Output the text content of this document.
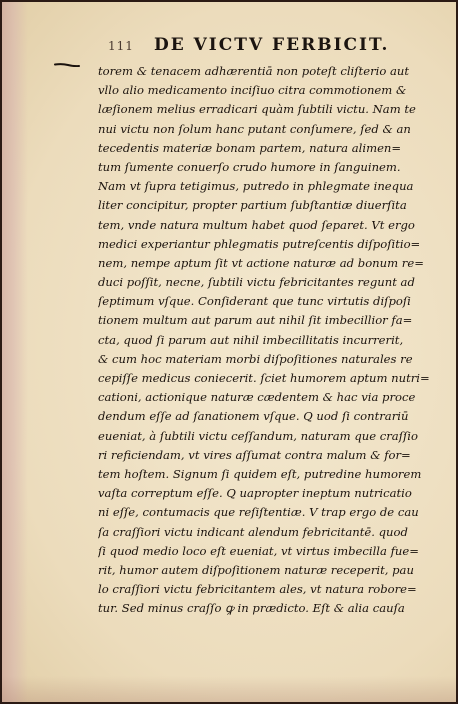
111 DE VICTV FERBICIT.
torem & tenacem adhærentiā non poteſt cliſterio aut
vllo alio medicamento inciſiuo citra commotionem &
læſionem melius erradicari quàm ſubtili victu. Nam te
nui victu non ſolum hanc putant conſumere, ſed & an
tecedentis materiæ bonam partem, natura alimen=
tum ſumente conuerſo crudo humore in ſanguinem.
Nam vt ſupra tetigimus, putredo in phlegmate inequa
liter concipitur, propter partium ſubſtantiæ diuerſita
tem, vnde natura multum habet quod ſeparet. Vt ergo
medici experiantur phlegmatis putreſcentis diſpoſitio=
nem, nempe aptum ſit vt actione naturæ ad bonum re=
duci poſſit, necne, ſubtili victu febricitantes regunt ad
ſeptimum vſque. Conſiderant que tunc virtutis diſpoſi
tionem multum aut parum aut nihil ſit imbecillior fa=
cta, quod ſi parum aut nihil imbecillitatis incurrerit,
& cum hoc materiam morbi diſpoſitiones naturales re
cepiſſe medicus coniecerit. ſciet humorem aptum nutri=
cationi, actionique naturæ cædentem & hac via proce
dendum eſſe ad ſanationem vſque. Q uod ſi contrariū
eueniat, à ſubtili victu ceſſandum, naturam que craſſio
ri reficiendam, vt vires aſſumat contra malum & for=
tem hoſtem. Signum ſi quidem eſt, putredine humorem
vaſta correptum eſſe. Q uapropter ineptum nutricatio
ni eſſe, contumacis que reſiſtentiæ. V trap ergo de cau
ſa craſſiori victu indicant alendum febricitantē. quod
ſi quod medio loco eſt eueniat, vt virtus imbecilla fue=
rit, humor autem diſpoſitionem naturæ receperit, pau
lo craſſiori victu febricitantem ales, vt natura robore=
tur. Sed minus craſſo ꝙ in prædicto. Eſt & alia cauſa
